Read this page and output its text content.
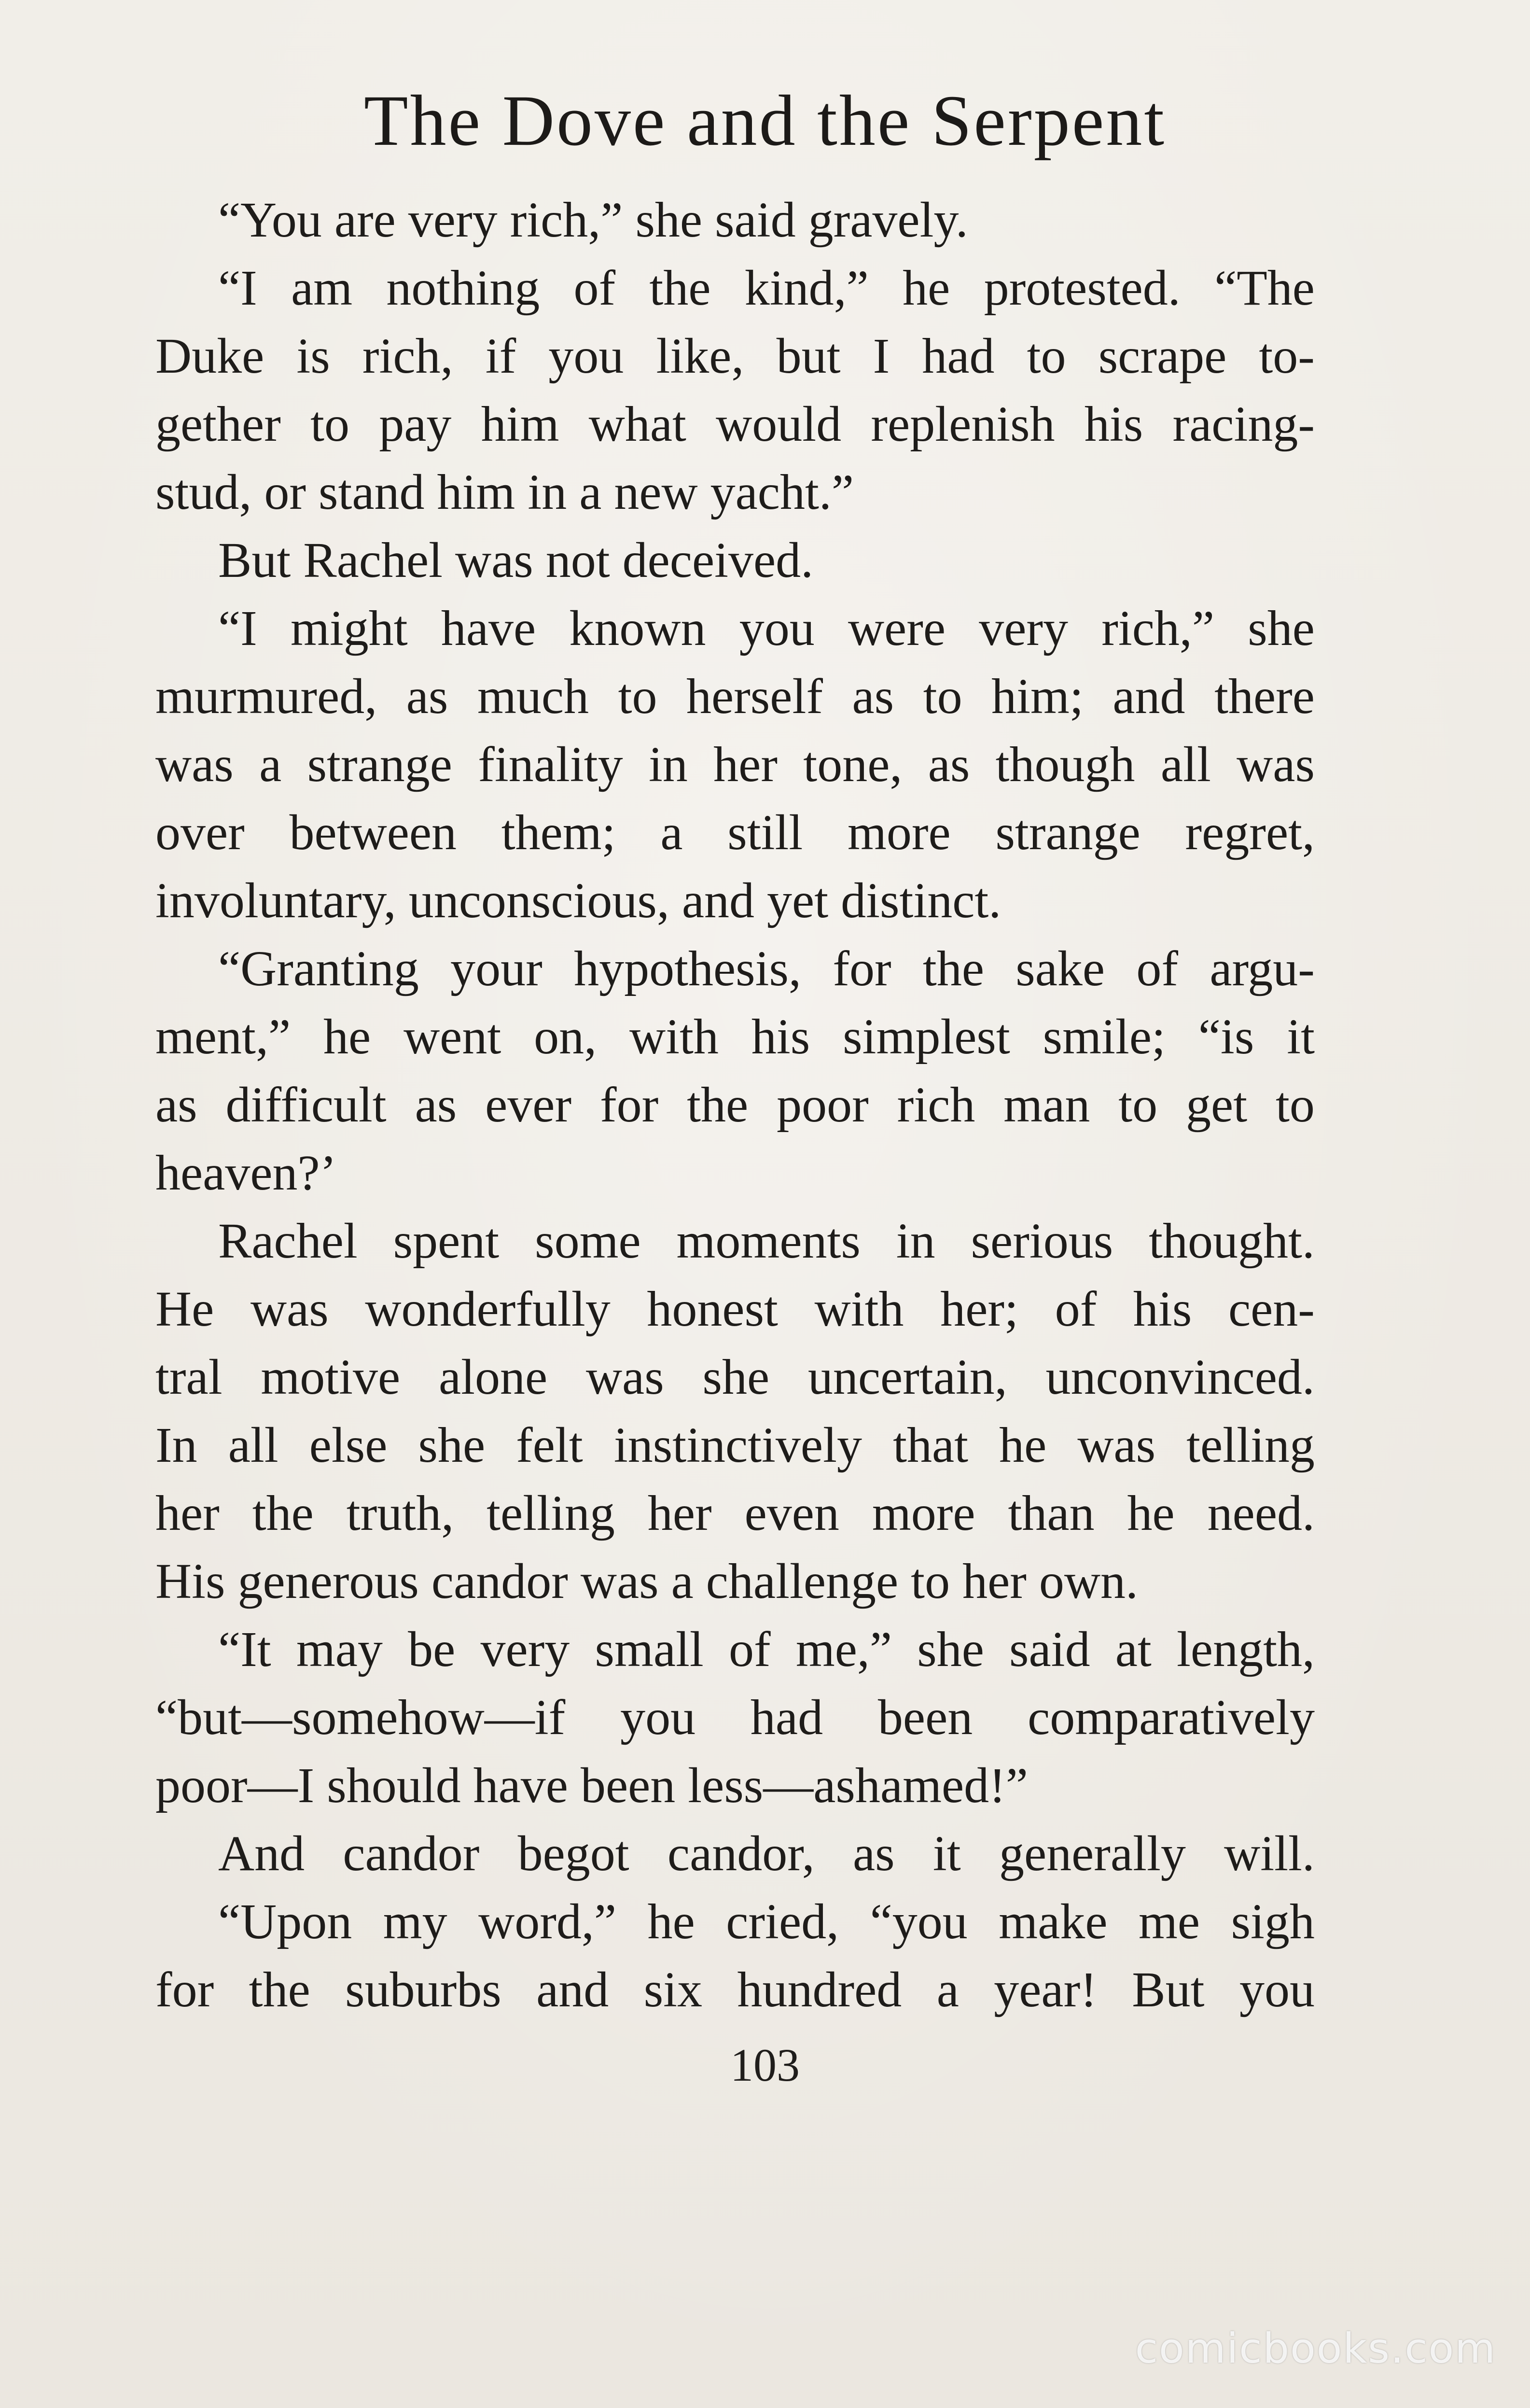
The Dove and the Serpent
“You are very rich,” she said gravely.
“I am nothing of the kind,” he protested. “The
Duke is rich, if you like, but I had to scrape to-
gether to pay him what would replenish his racing-
stud, or stand him in a new yacht.”
But Rachel was not deceived.
“I might have known you were very rich,” she
murmured, as much to herself as to him; and there
was a strange finality in her tone, as though all was
over between them; a still more strange regret,
involuntary, unconscious, and yet distinct.
“Granting your hypothesis, for the sake of argu-
ment,” he went on, with his simplest smile; “is it
as difficult as ever for the poor rich man to get to
heaven?’
Rachel spent some moments in serious thought.
He was wonderfully honest with her; of his cen-
tral motive alone was she uncertain, unconvinced.
In all else she felt instinctively that he was telling
her the truth, telling her even more than he need.
His generous candor was a challenge to her own.
“It may be very small of me,” she said at length,
“but—somehow—if you had been comparatively
poor—I should have been less—ashamed!”
And candor begot candor, as it generally will.
“Upon my word,” he cried, “you make me sigh
for the suburbs and six hundred a year! But you
103
comicbooks.com
